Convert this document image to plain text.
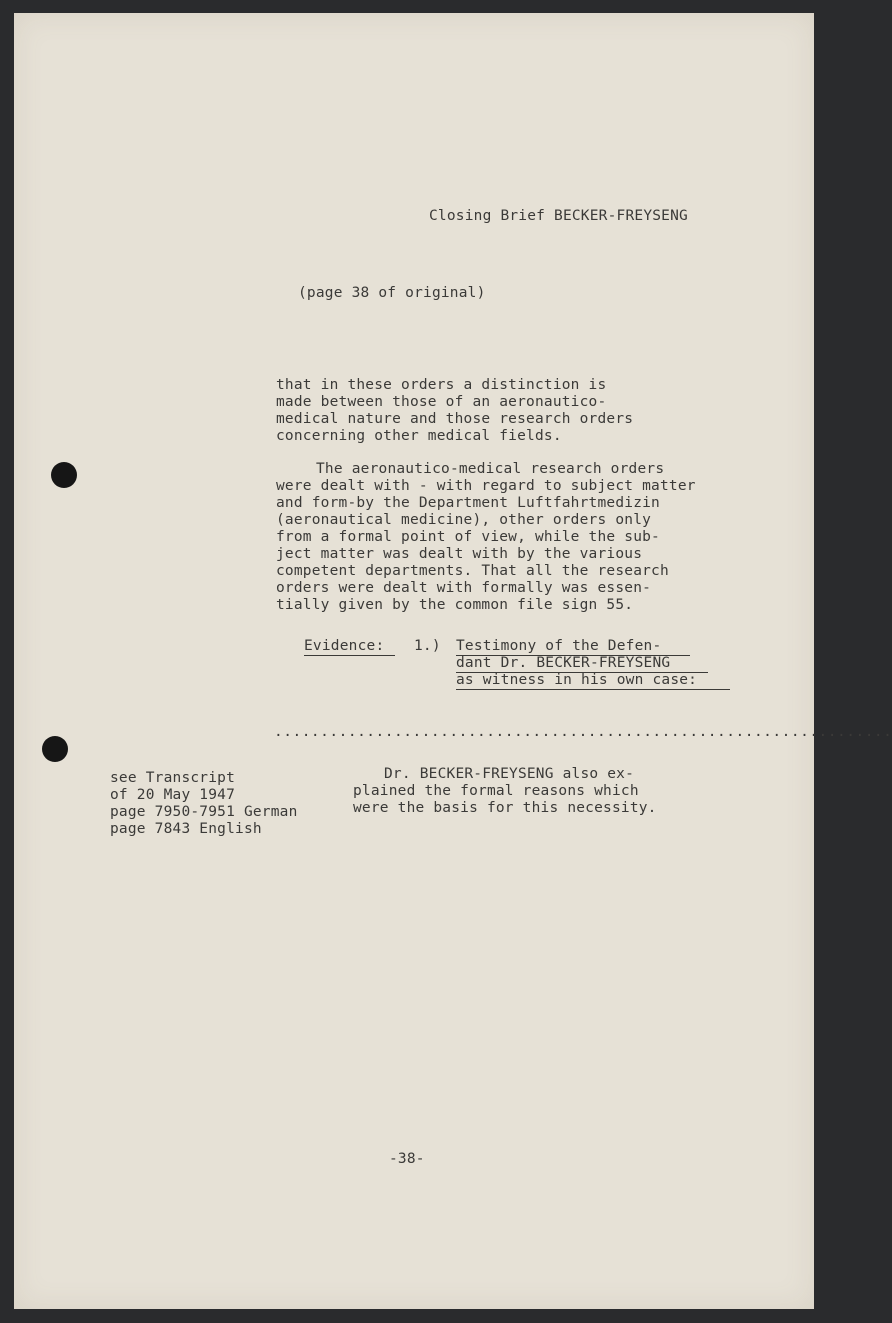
Closing Brief BECKER-FREYSENG

(page 38 of original)

that in these orders a distinction is

made between those of an aeronautico-

medical nature and those research orders

concerning other medical fields.

The aeronautico-medical research orders

were dealt with - with regard to subject matter

and form-by the Department Luftfahrtmedizin

(aeronautical medicine), other orders only

from a formal point of view, while the sub-

ject matter was dealt with by the various

competent departments. That all the research

orders were dealt with formally was essen-

tially given by the common file sign 55.

Evidence: 1.) Testimony of the Defen-

dant Dr. BECKER-FREYSENG

as witness in his own case:

...................................................................

see Transcript

of 20 May 1947

page 7950-7951 German

page 7843 English

Dr. BECKER-FREYSENG also ex-

plained the formal reasons which

were the basis for this necessity.

-38-
